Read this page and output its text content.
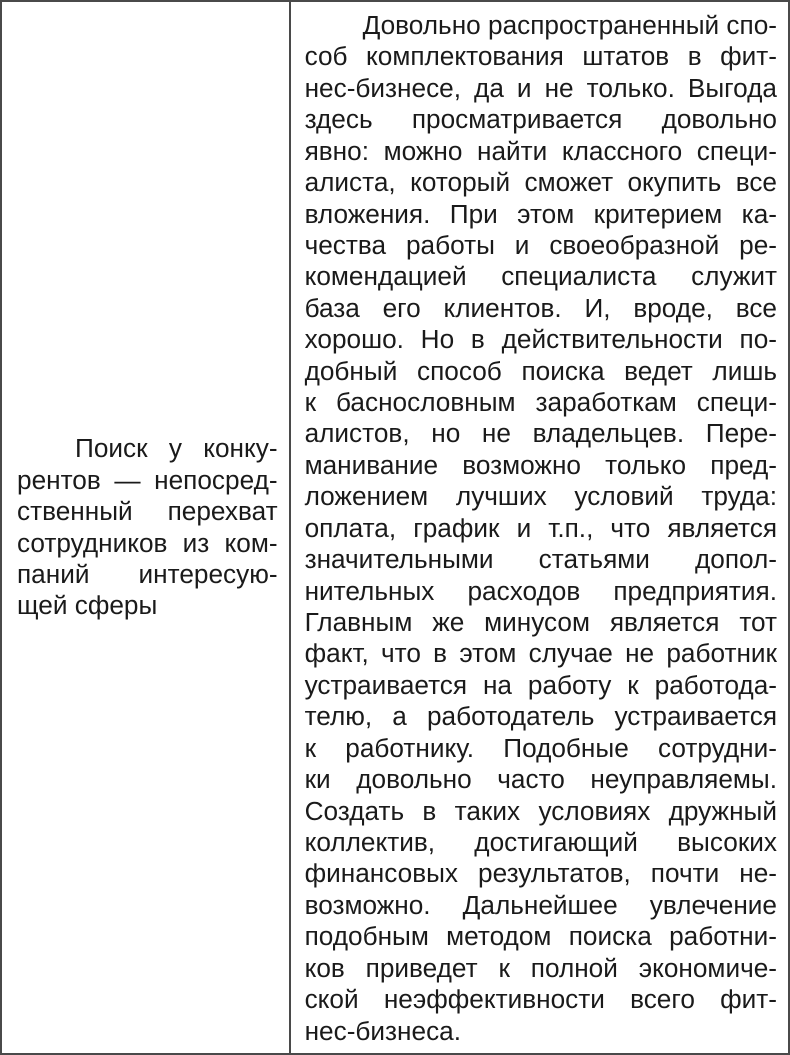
Поиск у конку-
рентов — непосред-
ственный перехват
сотрудников из ком-
паний интересую-
щей сферы
Довольно распространенный спо-
соб комплектования штатов в фит-
нес-бизнесе, да и не только. Выгода
здесь просматривается довольно
явно: можно найти классного специ-
алиста, который сможет окупить все
вложения. При этом критерием ка-
чества работы и своеобразной ре-
комендацией специалиста служит
база его клиентов. И, вроде, все
хорошо. Но в действительности по-
добный способ поиска ведет лишь
к баснословным заработкам специ-
алистов, но не владельцев. Пере-
манивание возможно только пред-
ложением лучших условий труда:
оплата, график и т.п., что является
значительными статьями допол-
нительных расходов предприятия.
Главным же минусом является тот
факт, что в этом случае не работник
устраивается на работу к работода-
телю, а работодатель устраивается
к работнику. Подобные сотрудни-
ки довольно часто неуправляемы.
Создать в таких условиях дружный
коллектив, достигающий высоких
финансовых результатов, почти не-
возможно. Дальнейшее увлечение
подобным методом поиска работни-
ков приведет к полной экономиче-
ской неэффективности всего фит-
нес-бизнеса.
